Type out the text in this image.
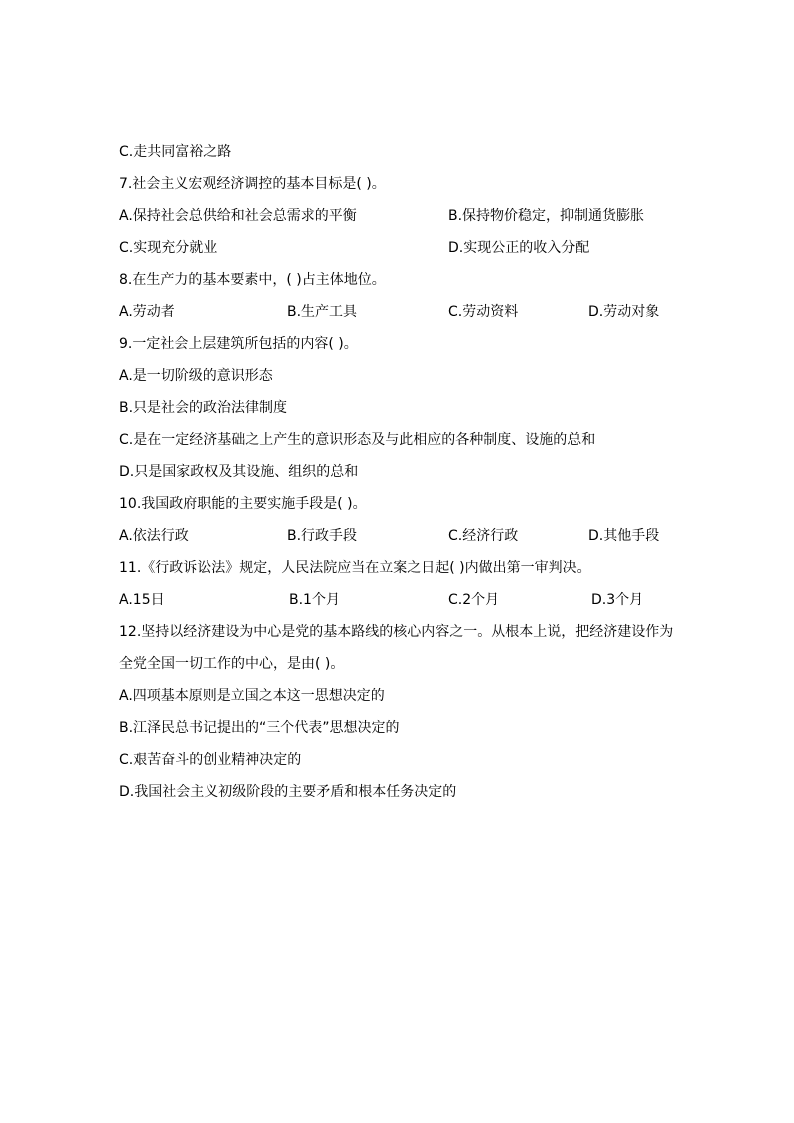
C.走共同富裕之路
7.社会主义宏观经济调控的基本目标是( )。
A.保持社会总供给和社会总需求的平衡	B.保持物价稳定，抑制通货膨胀
C.实现充分就业	D.实现公正的收入分配
8.在生产力的基本要素中，( )占主体地位。
A.劳动者	B.生产工具	C.劳动资料	D.劳动对象
9.一定社会上层建筑所包括的内容( )。
A.是一切阶级的意识形态
B.只是社会的政治法律制度
C.是在一定经济基础之上产生的意识形态及与此相应的各种制度、设施的总和
D.只是国家政权及其设施、组织的总和
10.我国政府职能的主要实施手段是( )。
A.依法行政	B.行政手段	C.经济行政	D.其他手段
11.《行政诉讼法》规定，人民法院应当在立案之日起( )内做出第一审判决。
A.15日	B.1个月	C.2个月	D.3个月
12.坚持以经济建设为中心是党的基本路线的核心内容之一。从根本上说，把经济建设作为
全党全国一切工作的中心，是由( )。
A.四项基本原则是立国之本这一思想决定的
B.江泽民总书记提出的“三个代表”思想决定的
C.艰苦奋斗的创业精神决定的
D.我国社会主义初级阶段的主要矛盾和根本任务决定的
